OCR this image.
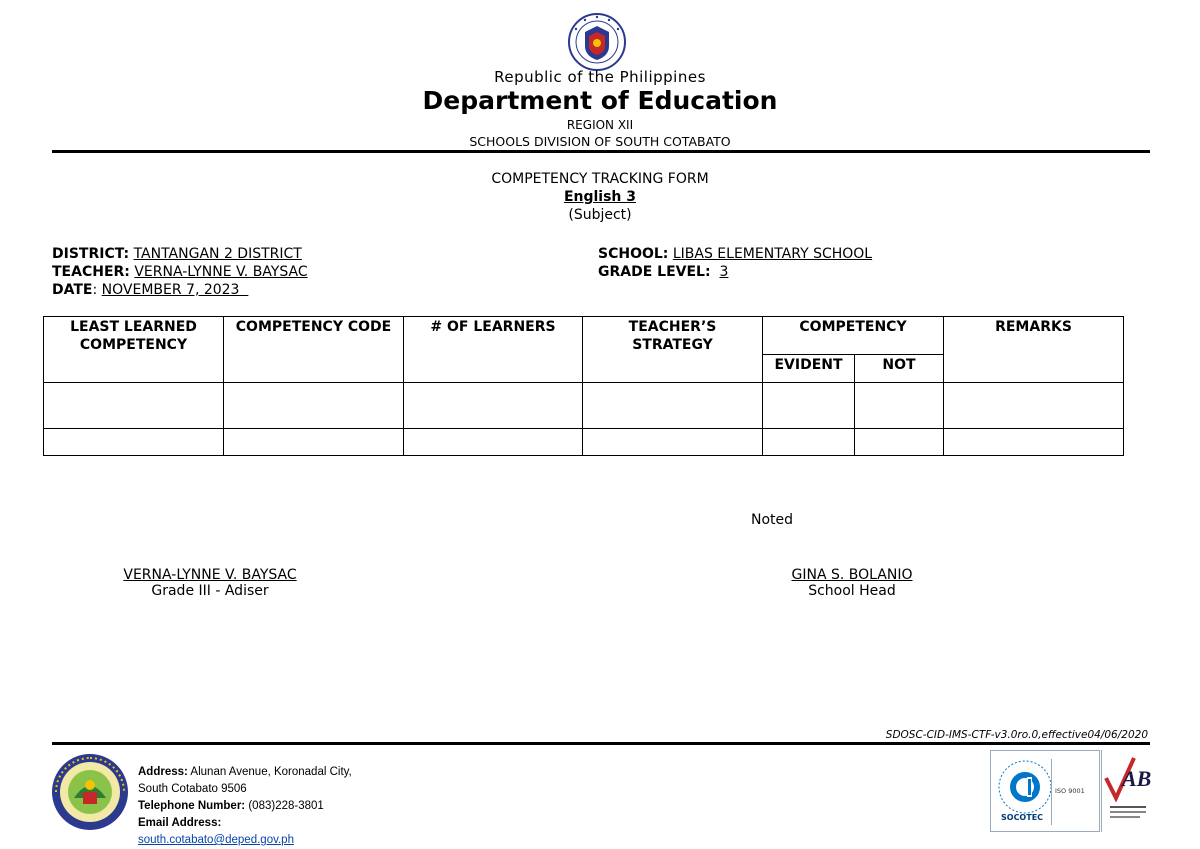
Republic of the Philippines
Department of Education
REGION XII
SCHOOLS DIVISION OF SOUTH COTABATO
COMPETENCY TRACKING FORM
English 3
(Subject)
DISTRICT: TANTANGAN 2 DISTRICT
TEACHER: VERNA-LYNNE V. BAYSAC
DATE: NOVEMBER 7, 2023
SCHOOL: LIBAS ELEMENTARY SCHOOL
GRADE LEVEL: 3
LEAST LEARNED COMPETENCY	COMPETENCY CODE	# OF LEARNERS	TEACHER’S STRATEGY	COMPETENCY		REMARKS
				EVIDENT	NOT	

Noted
VERNA-LYNNE V. BAYSAC
Grade III - Adiser
GINA S. BOLANIO
School Head
SDOSC-CID-IMS-CTF-v3.0ro.0,effective04/06/2020
Address: Alunan Avenue, Koronadal City,
South Cotabato 9506
Telephone Number: (083)228-3801
Email Address:
south.cotabato@deped.gov.ph
SOCOTEC
ISO 9001 AB
